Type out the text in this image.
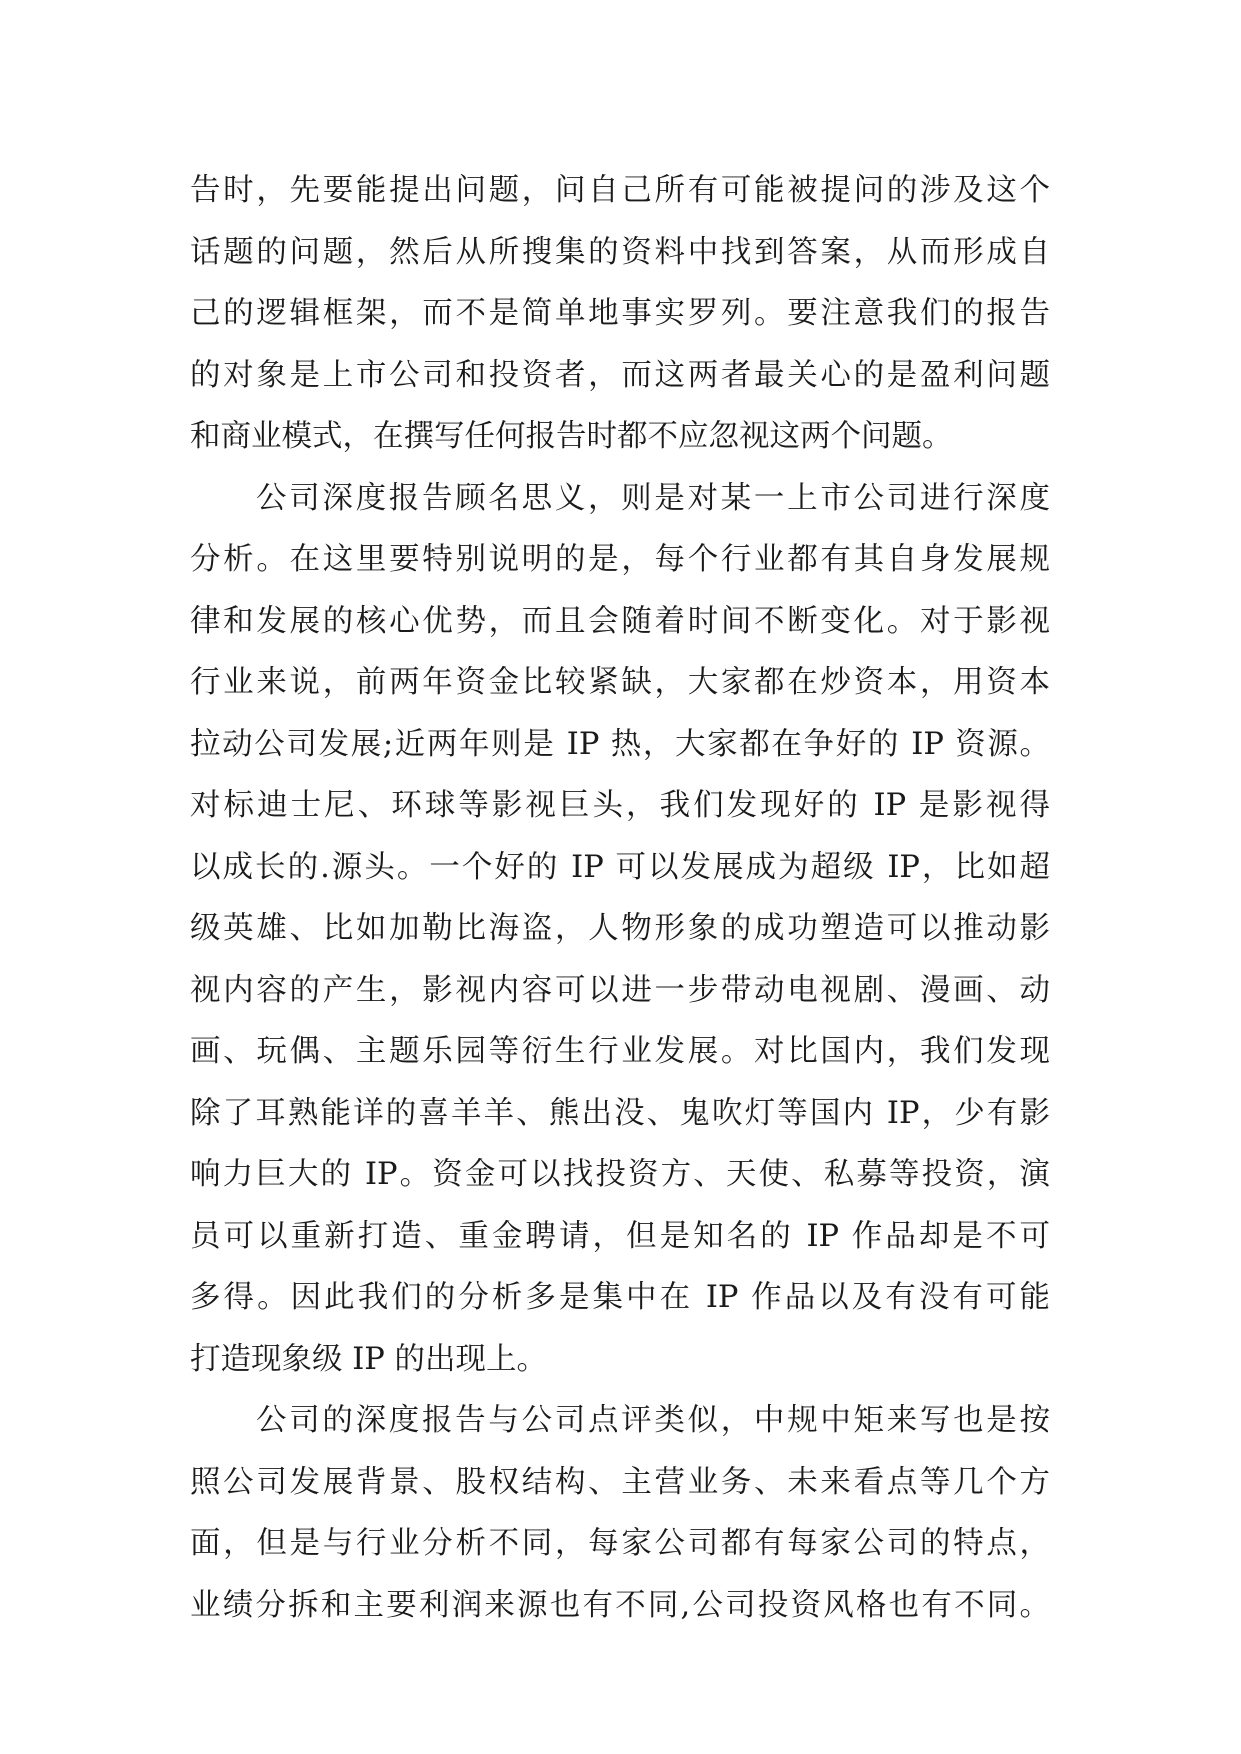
告时，先要能提出问题，问自己所有可能被提问的涉及这个
话题的问题，然后从所搜集的资料中找到答案，从而形成自
己的逻辑框架，而不是简单地事实罗列。要注意我们的报告
的对象是上市公司和投资者，而这两者最关心的是盈利问题
和商业模式，在撰写任何报告时都不应忽视这两个问题。
公司深度报告顾名思义，则是对某一上市公司进行深度
分析。在这里要特别说明的是，每个行业都有其自身发展规
律和发展的核心优势，而且会随着时间不断变化。对于影视
行业来说，前两年资金比较紧缺，大家都在炒资本，用资本
拉动公司发展;近两年则是 IP 热，大家都在争好的 IP 资源。
对标迪士尼、环球等影视巨头，我们发现好的 IP 是影视得
以成长的.源头。一个好的 IP 可以发展成为超级 IP，比如超
级英雄、比如加勒比海盗，人物形象的成功塑造可以推动影
视内容的产生，影视内容可以进一步带动电视剧、漫画、动
画、玩偶、主题乐园等衍生行业发展。对比国内，我们发现
除了耳熟能详的喜羊羊、熊出没、鬼吹灯等国内 IP，少有影
响力巨大的 IP。资金可以找投资方、天使、私募等投资，演
员可以重新打造、重金聘请，但是知名的 IP 作品却是不可
多得。因此我们的分析多是集中在 IP 作品以及有没有可能
打造现象级 IP 的出现上。
公司的深度报告与公司点评类似，中规中矩来写也是按
照公司发展背景、股权结构、主营业务、未来看点等几个方
面，但是与行业分析不同，每家公司都有每家公司的特点，
业绩分拆和主要利润来源也有不同,公司投资风格也有不同。
